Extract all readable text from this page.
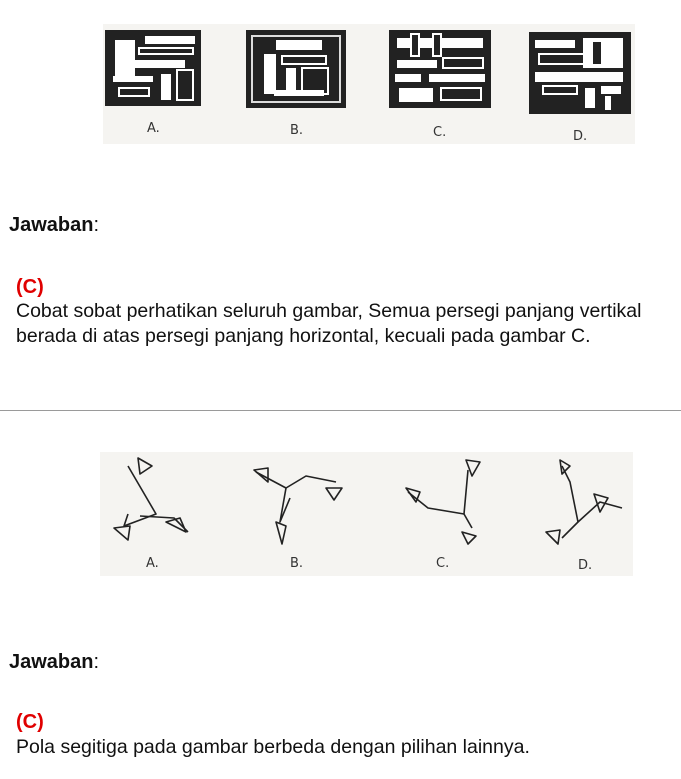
A.	B.	C.	D.
Jawaban:
(C)
Cobat sobat perhatikan seluruh gambar, Semua persegi panjang vertikal berada di atas persegi panjang horizontal, kecuali pada gambar C.
A.	B.	C.	D.
Jawaban:
(C)
Pola segitiga pada gambar berbeda dengan pilihan lainnya.
